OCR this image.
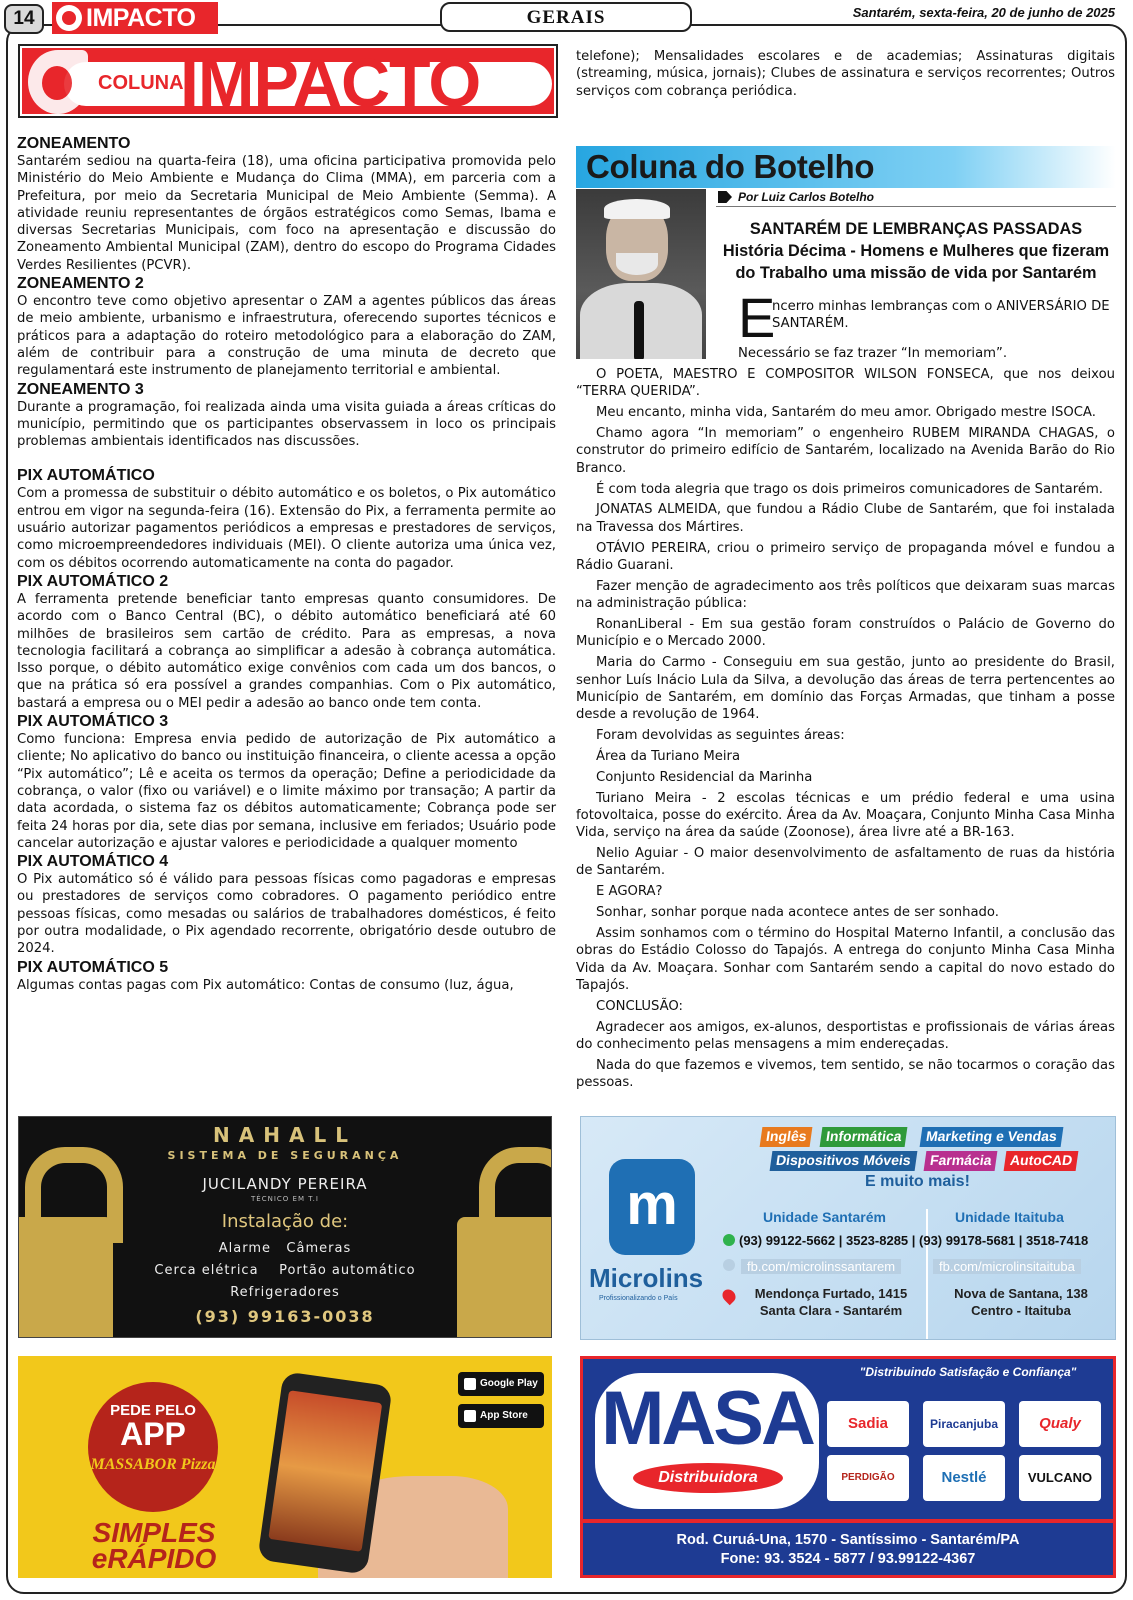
14	IMPACTO	GERAIS	Santarém, sexta-feira, 20 de junho de 2025
COLUNA
IMPACTO
ZONEAMENTO

Santarém sediou na quarta-feira (18), uma oficina participativa promovida pelo Ministério do Meio Ambiente e Mudança do Clima (MMA), em parceria com a Prefeitura, por meio da Secretaria Municipal de Meio Ambiente (Semma). A atividade reuniu representantes de órgãos estratégicos como Semas, Ibama e diversas Secretarias Municipais, com foco na apresentação e discussão do Zoneamento Ambiental Municipal (ZAM), dentro do escopo do Programa Cidades Verdes Resilientes (PCVR).

ZONEAMENTO 2

O encontro teve como objetivo apresentar o ZAM a agentes públicos das áreas de meio ambiente, urbanismo e infraestrutura, oferecendo suportes técnicos e práticos para a adaptação do roteiro metodológico para a elaboração do ZAM, além de contribuir para a construção de uma minuta de decreto que regulamentará este instrumento de planejamento territorial e ambiental.

ZONEAMENTO 3

Durante a programação, foi realizada ainda uma visita guiada a áreas críticas do município, permitindo que os participantes observassem in loco os principais problemas ambientais identificados nas discussões.

PIX AUTOMÁTICO

Com a promessa de substituir o débito automático e os boletos, o Pix automático entrou em vigor na segunda-feira (16). Extensão do Pix, a ferramenta permite ao usuário autorizar pagamentos periódicos a empresas e prestadores de serviços, como microempreendedores individuais (MEI). O cliente autoriza uma única vez, com os débitos ocorrendo automaticamente na conta do pagador.

PIX AUTOMÁTICO 2

A ferramenta pretende beneficiar tanto empresas quanto consumidores. De acordo com o Banco Central (BC), o débito automático beneficiará até 60 milhões de brasileiros sem cartão de crédito. Para as empresas, a nova tecnologia facilitará a cobrança ao simplificar a adesão à cobrança automática. Isso porque, o débito automático exige convênios com cada um dos bancos, o que na prática só era possível a grandes companhias. Com o Pix automático, bastará a empresa ou o MEI pedir a adesão ao banco onde tem conta.

PIX AUTOMÁTICO 3

Como funciona: Empresa envia pedido de autorização de Pix automático a cliente; No aplicativo do banco ou instituição financeira, o cliente acessa a opção “Pix automático”; Lê e aceita os termos da operação; Define a periodicidade da cobrança, o valor (fixo ou variável) e o limite máximo por transação; A partir da data acordada, o sistema faz os débitos automaticamente; Cobrança pode ser feita 24 horas por dia, sete dias por semana, inclusive em feriados; Usuário pode cancelar autorização e ajustar valores e periodicidade a qualquer momento

PIX AUTOMÁTICO 4

O Pix automático só é válido para pessoas físicas como pagadoras e empresas ou prestadores de serviços como cobradores. O pagamento periódico entre pessoas físicas, como mesadas ou salários de trabalhadores domésticos, é feito por outra modalidade, o Pix agendado recorrente, obrigatório desde outubro de 2024.

PIX AUTOMÁTICO 5

Algumas contas pagas com Pix automático: Contas de consumo (luz, água,

telefone); Mensalidades escolares e de academias; Assinaturas digitais (streaming, música, jornais); Clubes de assinatura e serviços recorrentes; Outros serviços com cobrança periódica.

Coluna do Botelho
Por Luiz Carlos Botelho
SANTARÉM DE LEMBRANÇAS PASSADAS
História Décima - Homens e Mulheres que fizeram do Trabalho uma missão de vida por Santarém
E
ncerro minhas lembranças com o ANIVERSÁRIO DE SANTARÉM.
Necessário se faz trazer “In memoriam”.

O POETA, MAESTRO E COMPOSITOR WILSON FONSECA, que nos deixou “TERRA QUERIDA”.

Meu encanto, minha vida, Santarém do meu amor. Obrigado mestre ISOCA.

Chamo agora “In memoriam” o engenheiro RUBEM MIRANDA CHAGAS, o construtor do primeiro edifício de Santarém, localizado na Avenida Barão do Rio Branco.

É com toda alegria que trago os dois primeiros comunicadores de Santarém.

JONATAS ALMEIDA, que fundou a Rádio Clube de Santarém, que foi instalada na Travessa dos Mártires.

OTÁVIO PEREIRA, criou o primeiro serviço de propaganda móvel e fundou a Rádio Guarani.

Fazer menção de agradecimento aos três políticos que deixaram suas marcas na administração pública:

RonanLiberal - Em sua gestão foram construídos o Palácio de Governo do Município e o Mercado 2000.

Maria do Carmo - Conseguiu em sua gestão, junto ao presidente do Brasil, senhor Luís Inácio Lula da Silva, a devolução das áreas de terra pertencentes ao Município de Santarém, em domínio das Forças Armadas, que tinham a posse desde a revolução de 1964.

Foram devolvidas as seguintes áreas:

Área da Turiano Meira

Conjunto Residencial da Marinha

Turiano Meira - 2 escolas técnicas e um prédio federal e uma usina fotovoltaica, posse do exército. Área da Av. Moaçara, Conjunto Minha Casa Minha Vida, serviço na área da saúde (Zoonose), área livre até a BR-163.

Nelio Aguiar - O maior desenvolvimento de asfaltamento de ruas da história de Santarém.

E AGORA?

Sonhar, sonhar porque nada acontece antes de ser sonhado.

Assim sonhamos com o término do Hospital Materno Infantil, a conclusão das obras do Estádio Colosso do Tapajós. A entrega do conjunto Minha Casa Minha Vida da Av. Moaçara. Sonhar com Santarém sendo a capital do novo estado do Tapajós.

CONCLUSÃO:

Agradecer aos amigos, ex-alunos, desportistas e profissionais de várias áreas do conhecimento pelas mensagens a mim endereçadas.

Nada do que fazemos e vivemos, tem sentido, se não tocarmos o coração das pessoas.

NAHALL
SISTEMA DE SEGURANÇA
JUCILANDY PEREIRA
TÉCNICO EM T.I
Instalação de:
Alarme Câmeras
Cerca elétrica Portão automático
Refrigeradores
(93) 99163-0038
Inglês	Informática	Marketing e Vendas
Dispositivos Móveis	Farmácia	AutoCAD
E muito mais!
m
Microlins
Profissionalizando o País
Unidade Santarém	Unidade Itaituba
(93) 99122-5662 | 3523-8285 | (93) 99178-5681 | 3518-7418
fb.com/microlinssantarem	fb.com/microlinsitaituba
Mendonça Furtado, 1415
Santa Clara - Santarém
Nova de Santana, 138
Centro - Itaituba
PEDE PELO
APP
MASSABOR Pizza
SIMPLES
eRÁPIDO
Google Play
App Store
"Distribuindo Satisfação e Confiança"
MASA
Distribuidora
Sadia	Piracanjuba	Qualy
PERDIGÃO	Nestlé	VULCANO
Rod. Curuá-Una, 1570 - Santíssimo - Santarém/PA
Fone: 93. 3524 - 5877 / 93.99122-4367
